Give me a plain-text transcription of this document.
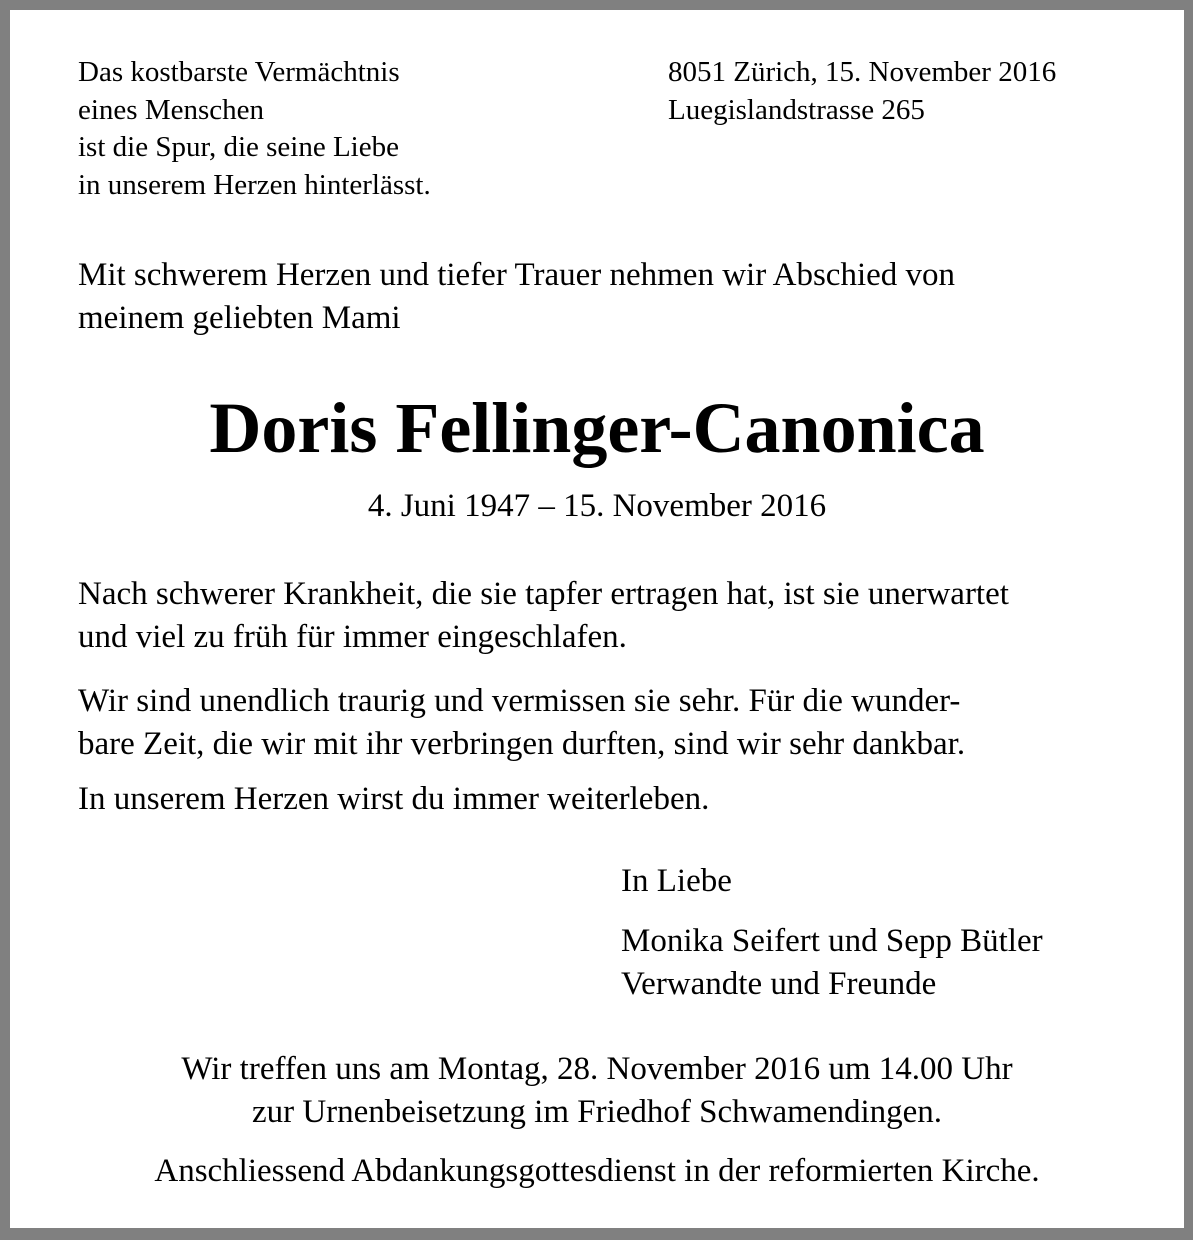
Das kostbarste Vermächtnis
eines Menschen
ist die Spur, die seine Liebe
in unserem Herzen hinterlässt.
8051 Zürich, 15. November 2016
Luegislandstrasse 265
Mit schwerem Herzen und tiefer Trauer nehmen wir Abschied von
meinem geliebten Mami
Doris Fellinger-Canonica
4. Juni 1947 – 15. November 2016
Nach schwerer Krankheit, die sie tapfer ertragen hat, ist sie unerwartet
und viel zu früh für immer eingeschlafen.
Wir sind unendlich traurig und vermissen sie sehr. Für die wunder-
bare Zeit, die wir mit ihr verbringen durften, sind wir sehr dankbar.
In unserem Herzen wirst du immer weiterleben.
In Liebe
Monika Seifert und Sepp Bütler
Verwandte und Freunde
Wir treffen uns am Montag, 28. November 2016 um 14.00 Uhr
zur Urnenbeisetzung im Friedhof Schwamendingen.
Anschliessend Abdankungsgottesdienst in der reformierten Kirche.
